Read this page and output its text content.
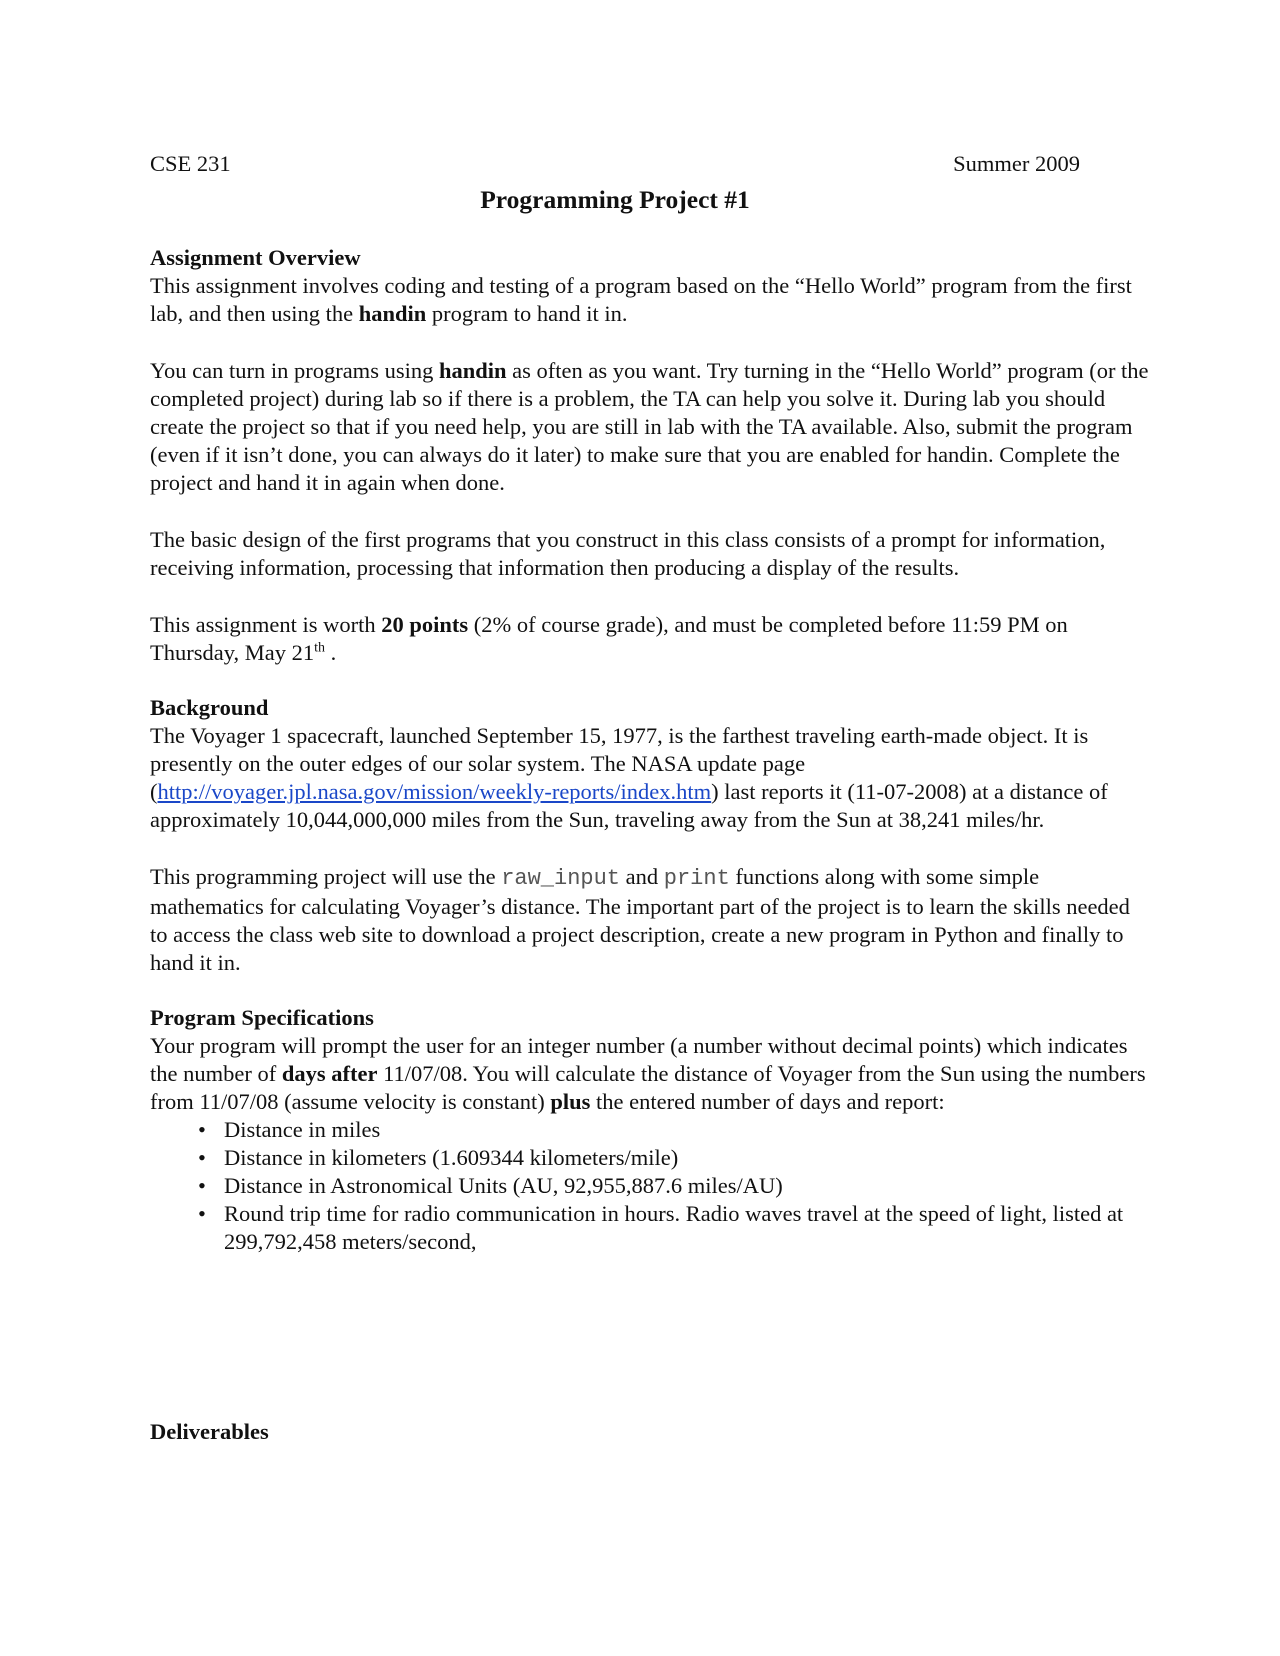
CSE 231	Summer 2009
Programming Project #1
Assignment Overview

This assignment involves coding and testing of a program based on the “Hello World” program from the first lab, and then using the handin program to hand it in.

You can turn in programs using handin as often as you want. Try turning in the “Hello World” program (or the completed project) during lab so if there is a problem, the TA can help you solve it. During lab you should create the project so that if you need help, you are still in lab with the TA available. Also, submit the program (even if it isn’t done, you can always do it later) to make sure that you are enabled for handin. Complete the project and hand it in again when done.

The basic design of the first programs that you construct in this class consists of a prompt for information, receiving information, processing that information then producing a display of the results.

This assignment is worth 20 points (2% of course grade), and must be completed before 11:59 PM on Thursday, May 21th .

Background

The Voyager 1 spacecraft, launched September 15, 1977, is the farthest traveling earth-made object. It is presently on the outer edges of our solar system. The NASA update page (http://voyager.jpl.nasa.gov/mission/weekly-reports/index.htm) last reports it (11-07-2008) at a distance of approximately 10,044,000,000 miles from the Sun, traveling away from the Sun at 38,241 miles/hr.

This programming project will use the raw_input and print functions along with some simple mathematics for calculating Voyager’s distance. The important part of the project is to learn the skills needed to access the class web site to download a project description, create a new program in Python and finally to hand it in.

Program Specifications

Your program will prompt the user for an integer number (a number without decimal points) which indicates the number of days after 11/07/08. You will calculate the distance of Voyager from the Sun using the numbers from 11/07/08 (assume velocity is constant) plus the entered number of days and report:

• Distance in miles
• Distance in kilometers (1.609344 kilometers/mile)
• Distance in Astronomical Units (AU, 92,955,887.6 miles/AU)
• Round trip time for radio communication in hours. Radio waves travel at the speed of light, listed at 299,792,458 meters/second,
Deliverables
